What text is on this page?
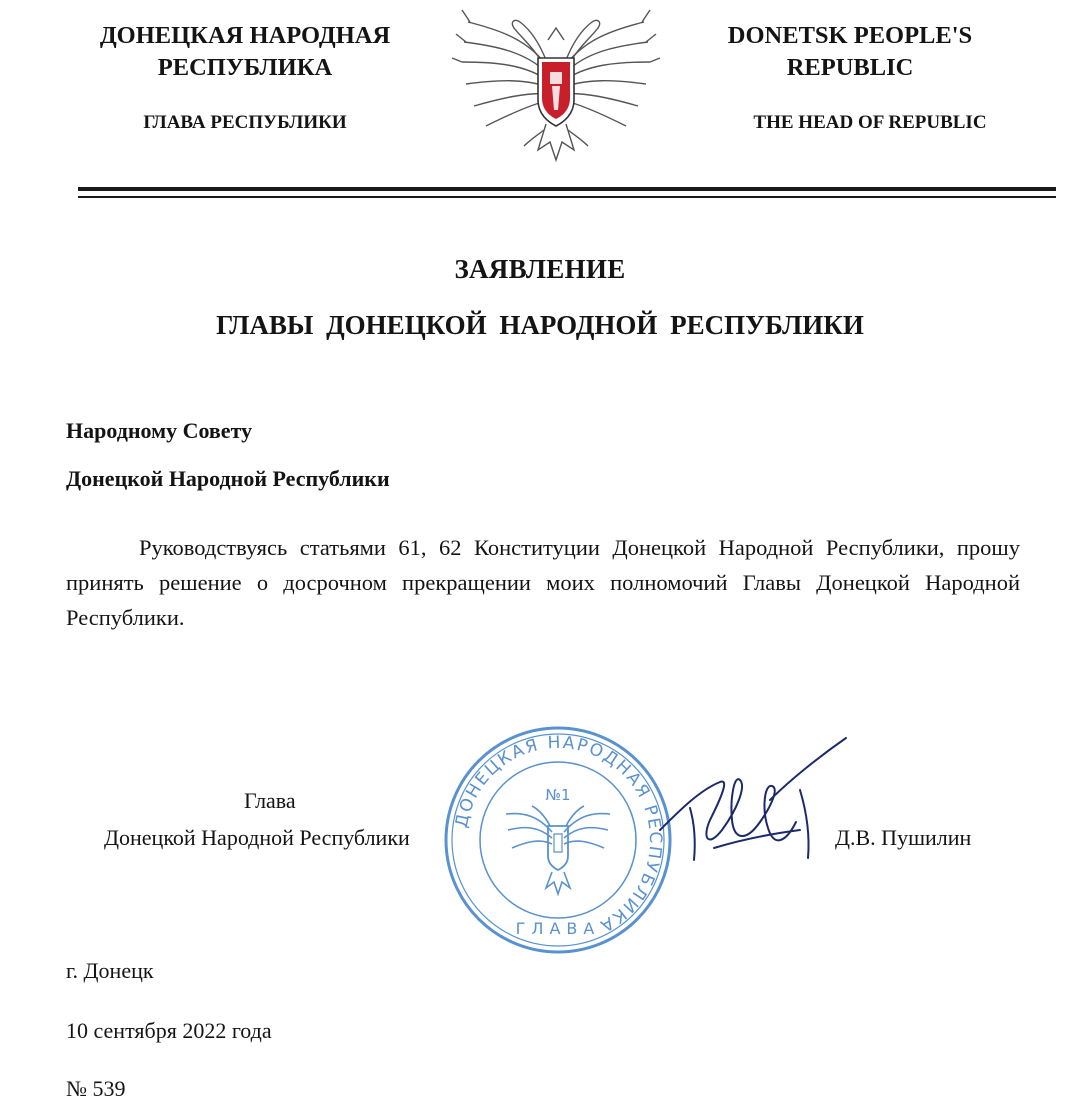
ДОНЕЦКАЯ НАРОДНАЯ
РЕСПУБЛИКА
ГЛАВА РЕСПУБЛИКИ
DONETSK PEOPLE'S
REPUBLIC
THE HEAD OF REPUBLIC
ЗАЯВЛЕНИЕ
ГЛАВЫ ДОНЕЦКОЙ НАРОДНОЙ РЕСПУБЛИКИ
Народному Совету
Донецкой Народной Республики
Руководствуясь статьями 61, 62 Конституции Донецкой Народной Республики, прошу принять решение о досрочном прекращении моих полномочий Главы Донецкой Народной Республики.
Глава
Донецкой Народной Республики
ДОНЕЦКАЯ НАРОДНАЯ РЕСПУБЛИКА
№1
ГЛАВА
Д.В. Пушилин
г. Донецк
10 сентября 2022 года
№ 539
